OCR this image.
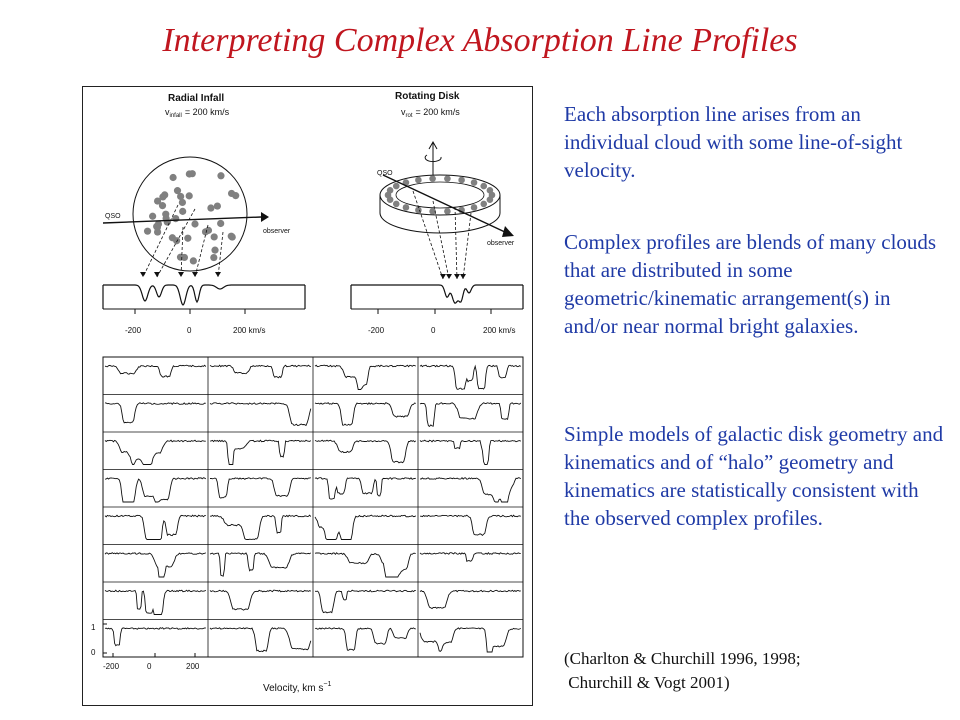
Interpreting Complex Absorption Line Profiles
Radial Infall
$v_{infall} = 200$ km/s
QSO
observer
-200	0	200 km/s
Rotating Disk
$v_{rot} = 200$ km/s
QSO
observer
-200	0	200 km/s
1
0
-200	0	200
Velocity, km $s^{-1}$

Each absorption line arises from an individual cloud with some line-of-sight velocity.

Complex profiles are blends of many clouds that are distributed in some geometric/kinematic arrangement(s) in and/or near normal bright galaxies.

Simple models of galactic disk geometry and kinematics and of “halo” geometry and kinematics are statistically consistent with the observed complex profiles.

(Charlton & Churchill 1996, 1998;
Churchill & Vogt 2001)
